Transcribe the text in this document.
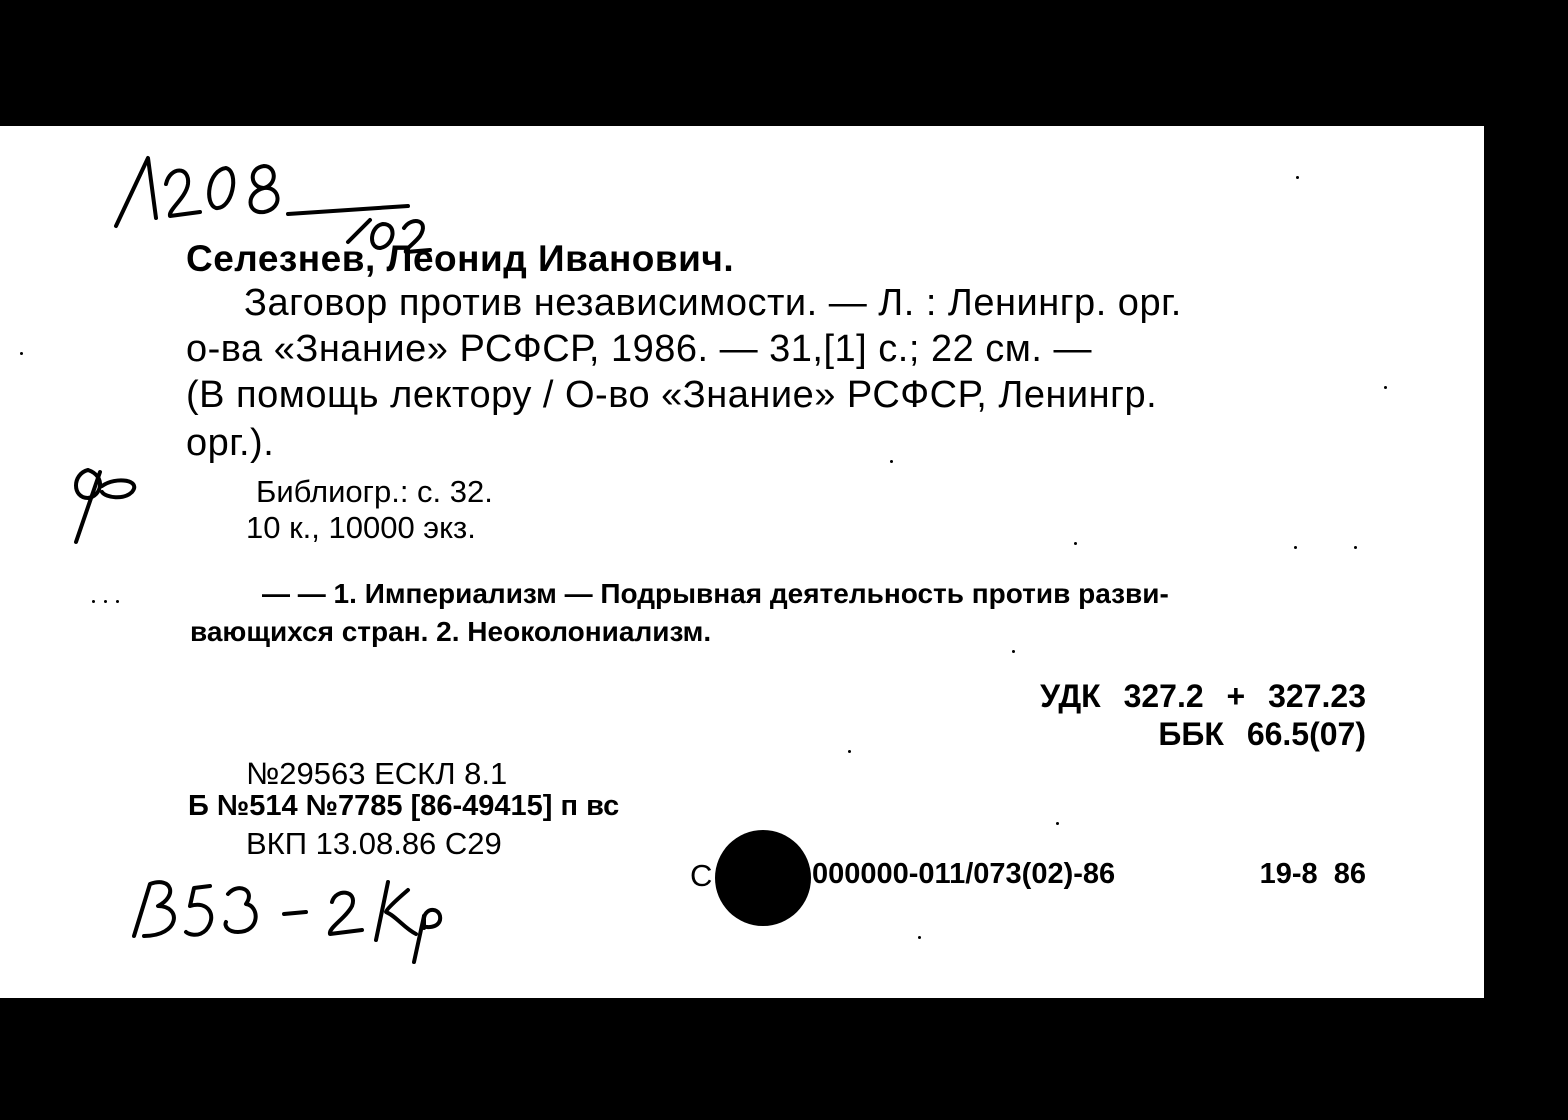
Селезнев, Леонид Иванович.
Заговор против независимости. — Л. : Ленингр. орг.
о-ва «Знание» РСФСР, 1986. — 31,[1] с.; 22 см. —
(В помощь лектору / О-во «Знание» РСФСР, Ленингр.
орг.).
Библиогр.: с. 32.
10 к., 10000 экз.
— — 1. Империализм — Подрывная деятельность против разви-
вающихся стран. 2. Неоколониализм.
УДК 327.2 + 327.23
ББК 66.5(07)
№29563 ЕСКЛ 8.1
Б №514 №7785 [86-49415] п вс
ВКП 13.08.86 С29
С	000000-011/073(02)-86	19-8 86
